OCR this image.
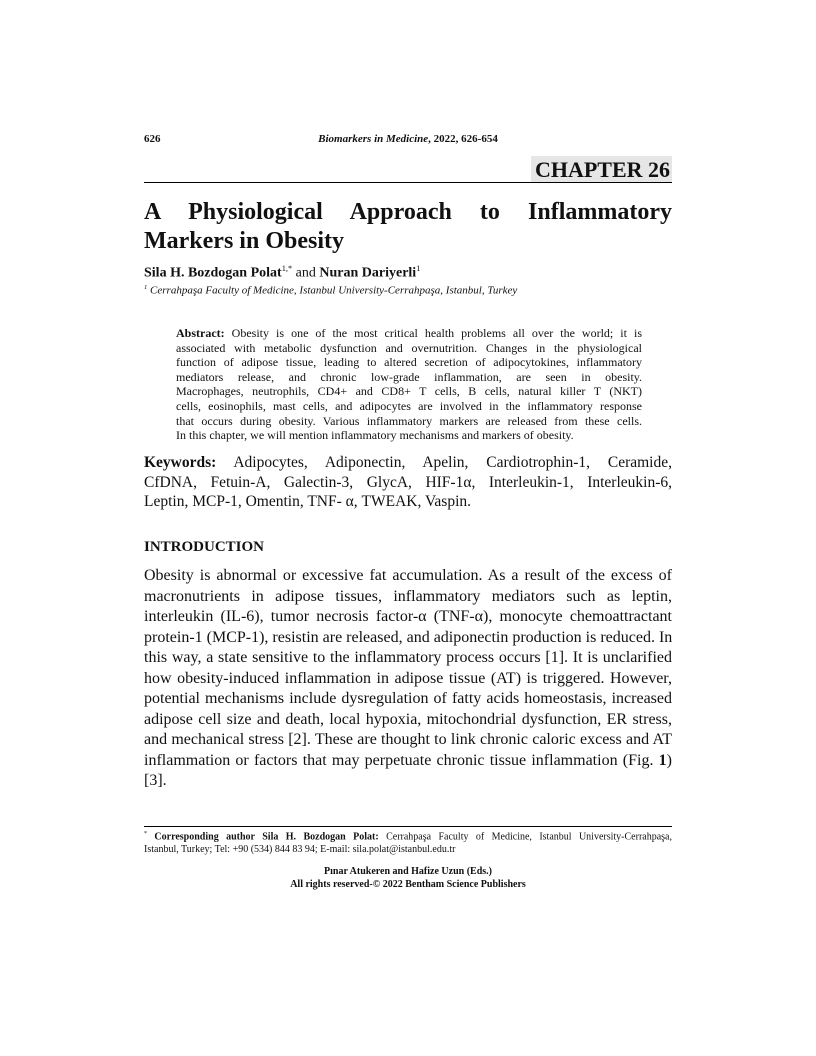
626	Biomarkers in Medicine, 2022, 626-654
CHAPTER 26
A Physiological Approach to Inflammatory
Markers in Obesity
Sila H. Bozdogan Polat$^{1,*}$ and Nuran Dariyerli$^1$
$^1$ Cerrahpaşa Faculty of Medicine, Istanbul University-Cerrahpaşa, Istanbul, Turkey
Abstract: Obesity is one of the most critical health problems all over the world; it is
associated with metabolic dysfunction and overnutrition. Changes in the physiological
function of adipose tissue, leading to altered secretion of adipocytokines, inflammatory
mediators release, and chronic low-grade inflammation, are seen in obesity.
Macrophages, neutrophils, CD4+ and CD8+ T cells, B cells, natural killer T (NKT)
cells, eosinophils, mast cells, and adipocytes are involved in the inflammatory response
that occurs during obesity. Various inflammatory markers are released from these cells.
In this chapter, we will mention inflammatory mechanisms and markers of obesity.
Keywords: Adipocytes, Adiponectin, Apelin, Cardiotrophin-1, Ceramide,
CfDNA, Fetuin-A, Galectin-3, GlycA, HIF-1α, Interleukin-1, Interleukin-6,
Leptin, MCP-1, Omentin, TNF- α, TWEAK, Vaspin.
INTRODUCTION
Obesity is abnormal or excessive fat accumulation. As a result of the excess of
macronutrients in adipose tissues, inflammatory mediators such as leptin,
interleukin (IL-6), tumor necrosis factor-α (TNF-α), monocyte chemoattractant
protein-1 (MCP-1), resistin are released, and adiponectin production is reduced. In
this way, a state sensitive to the inflammatory process occurs [1]. It is unclarified
how obesity-induced inflammation in adipose tissue (AT) is triggered. However,
potential mechanisms include dysregulation of fatty acids homeostasis, increased
adipose cell size and death, local hypoxia, mitochondrial dysfunction, ER stress,
and mechanical stress [2]. These are thought to link chronic caloric excess and AT
inflammation or factors that may perpetuate chronic tissue inflammation (Fig. 1)
[3].
* Corresponding author Sila H. Bozdogan Polat: Cerrahpaşa Faculty of Medicine, Istanbul University-Cerrahpaşa,
Istanbul, Turkey; Tel: +90 (534) 844 83 94; E-mail: sila.polat@istanbul.edu.tr
Pınar Atukeren and Hafize Uzun (Eds.)
All rights reserved-© 2022 Bentham Science Publishers
